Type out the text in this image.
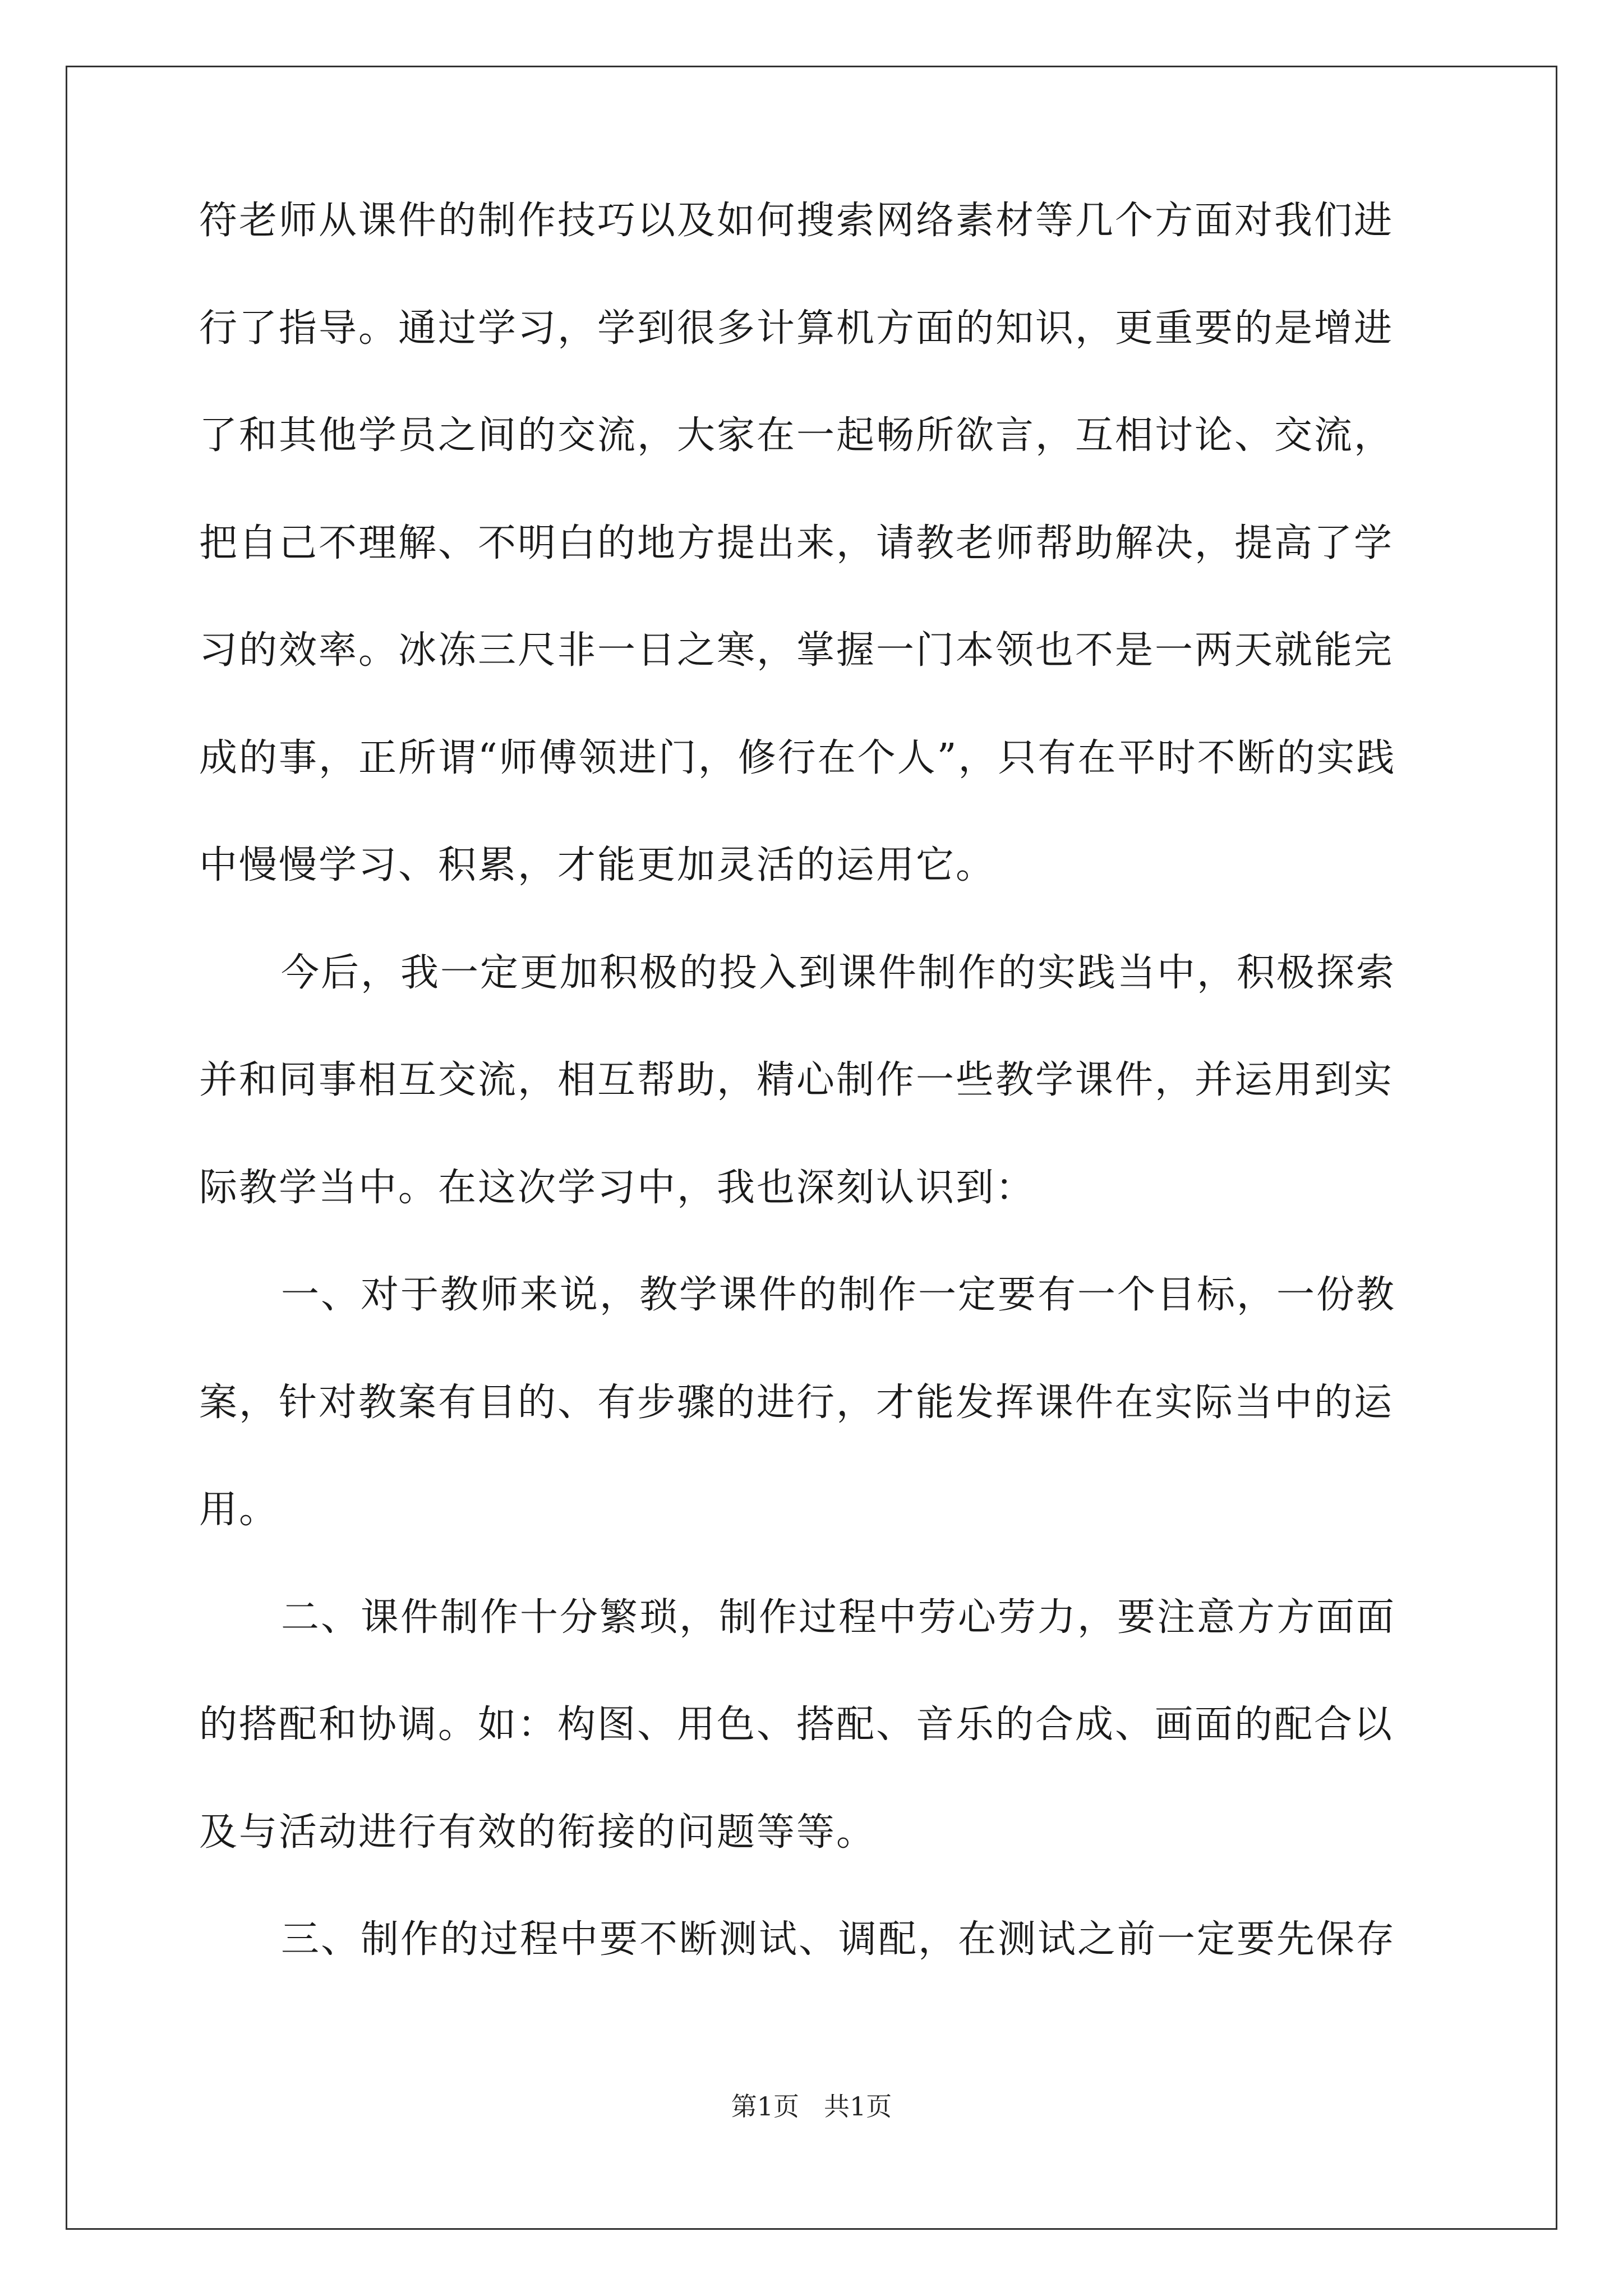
符老师从课件的制作技巧以及如何搜索网络素材等几个方面对我们进
行了指导。通过学习，学到很多计算机方面的知识，更重要的是增进
了和其他学员之间的交流，大家在一起畅所欲言，互相讨论、交流，
把自己不理解、不明白的地方提出来，请教老师帮助解决，提高了学
习的效率。冰冻三尺非一日之寒，掌握一门本领也不是一两天就能完
成的事，正所谓“师傅领进门，修行在个人”，只有在平时不断的实践
中慢慢学习、积累，才能更加灵活的运用它。
今后，我一定更加积极的投入到课件制作的实践当中，积极探索
并和同事相互交流，相互帮助，精心制作一些教学课件，并运用到实
际教学当中。在这次学习中，我也深刻认识到：
一、对于教师来说，教学课件的制作一定要有一个目标，一份教
案，针对教案有目的、有步骤的进行，才能发挥课件在实际当中的运
用。
二、课件制作十分繁琐，制作过程中劳心劳力，要注意方方面面
的搭配和协调。如：构图、用色、搭配、音乐的合成、画面的配合以
及与活动进行有效的衔接的问题等等。
三、制作的过程中要不断测试、调配，在测试之前一定要先保存
第1页 共1页
